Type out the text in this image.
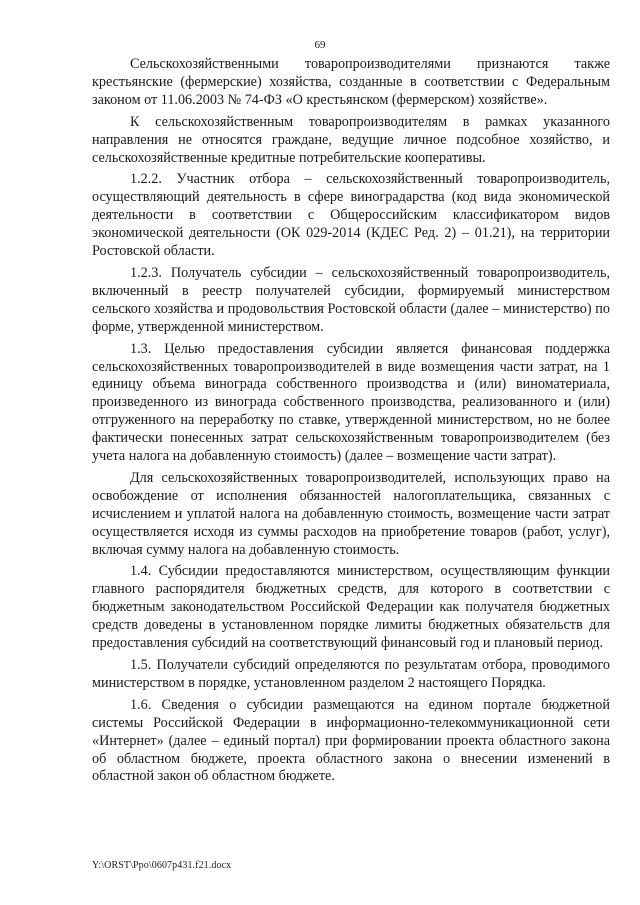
69

Сельскохозяйственными товаропроизводителями признаются также крестьянские (фермерские) хозяйства, созданные в соответствии с Федеральным законом от 11.06.2003 № 74-ФЗ «О крестьянском (фермерском) хозяйстве».

К сельскохозяйственным товаропроизводителям в рамках указанного направления не относятся граждане, ведущие личное подсобное хозяйство, и сельскохозяйственные кредитные потребительские кооперативы.

1.2.2. Участник отбора – сельскохозяйственный товаропроизводитель, осуществляющий деятельность в сфере виноградарства (код вида экономической деятельности в соответствии с Общероссийским классификатором видов экономической деятельности (ОК 029-2014 (КДЕС Ред. 2) – 01.21), на территории Ростовской области.

1.2.3. Получатель субсидии – сельскохозяйственный товаропроизводитель, включенный в реестр получателей субсидии, формируемый министерством сельского хозяйства и продовольствия Ростовской области (далее – министерство) по форме, утвержденной министерством.

1.3. Целью предоставления субсидии является финансовая поддержка сельскохозяйственных товаропроизводителей в виде возмещения части затрат, на 1 единицу объема винограда собственного производства и (или) виноматериала, произведенного из винограда собственного производства, реализованного и (или) отгруженного на переработку по ставке, утвержденной министерством, но не более фактически понесенных затрат сельскохозяйственным товаропроизводителем (без учета налога на добавленную стоимость) (далее – возмещение части затрат).

Для сельскохозяйственных товаропроизводителей, использующих право на освобождение от исполнения обязанностей налогоплательщика, связанных с исчислением и уплатой налога на добавленную стоимость, возмещение части затрат осуществляется исходя из суммы расходов на приобретение товаров (работ, услуг), включая сумму налога на добавленную стоимость.

1.4. Субсидии предоставляются министерством, осуществляющим функции главного распорядителя бюджетных средств, для которого в соответствии с бюджетным законодательством Российской Федерации как получателя бюджетных средств доведены в установленном порядке лимиты бюджетных обязательств для предоставления субсидий на соответствующий финансовый год и плановый период.

1.5. Получатели субсидий определяются по результатам отбора, проводимого министерством в порядке, установленном разделом 2 настоящего Порядка.

1.6. Сведения о субсидии размещаются на едином портале бюджетной системы Российской Федерации в информационно-телекоммуникационной сети «Интернет» (далее – единый портал) при формировании проекта областного закона об областном бюджете, проекта областного закона о внесении изменений в областной закон об областном бюджете.

Y:\ORST\Ppo\0607p431.f21.docx
